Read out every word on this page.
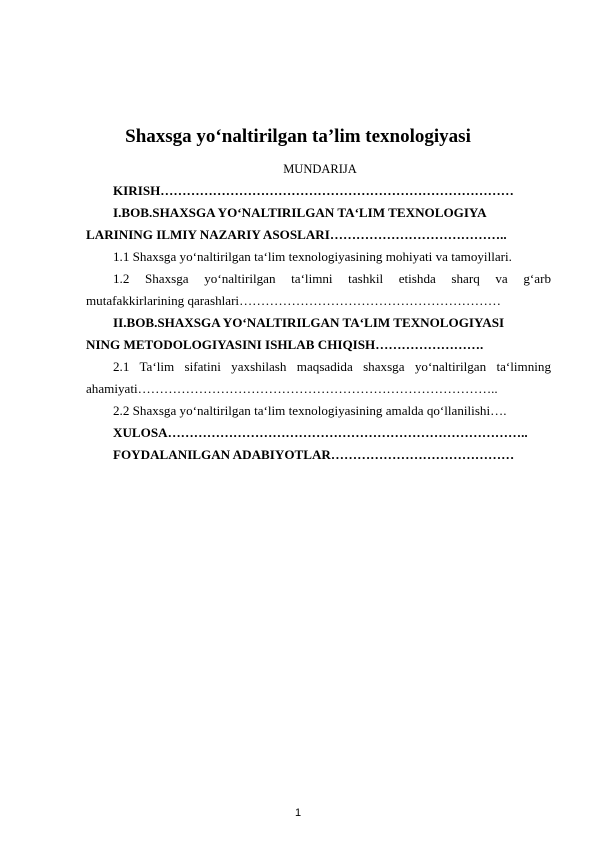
Shaxsga yo‘naltirilgan ta’lim texnologiyasi
MUNDARIJA

KIRISH………………………………………………………………………

I.BOB.SHAXSGA YO‘NALTIRILGAN TA‘LIM TEXNOLOGIYA

LARINING ILMIY NAZARIY ASOSLARI…………………………………..

1.1 Shaxsga yo‘naltirilgan ta‘lim texnologiyasining mohiyati va tamoyillari.

1.2 Shaxsga yo‘naltirilgan ta‘limni tashkil etishda sharq va g‘arb

mutafakkirlarining qarashlari……………………………………………………

II.BOB.SHAXSGA YO‘NALTIRILGAN TA‘LIM TEXNOLOGIYASI

NING METODOLOGIYASINI ISHLAB CHIQISH…………………….

2.1 Ta‘lim sifatini yaxshilash maqsadida shaxsga yo‘naltirilgan ta‘limning

ahamiyati………………………………………………………………………..

2.2 Shaxsga yo‘naltirilgan ta‘lim texnologiyasining amalda qo‘llanilishi….

XULOSA………………………………………………………………………..

FOYDALANILGAN ADABIYOTLAR……………………………………

1
